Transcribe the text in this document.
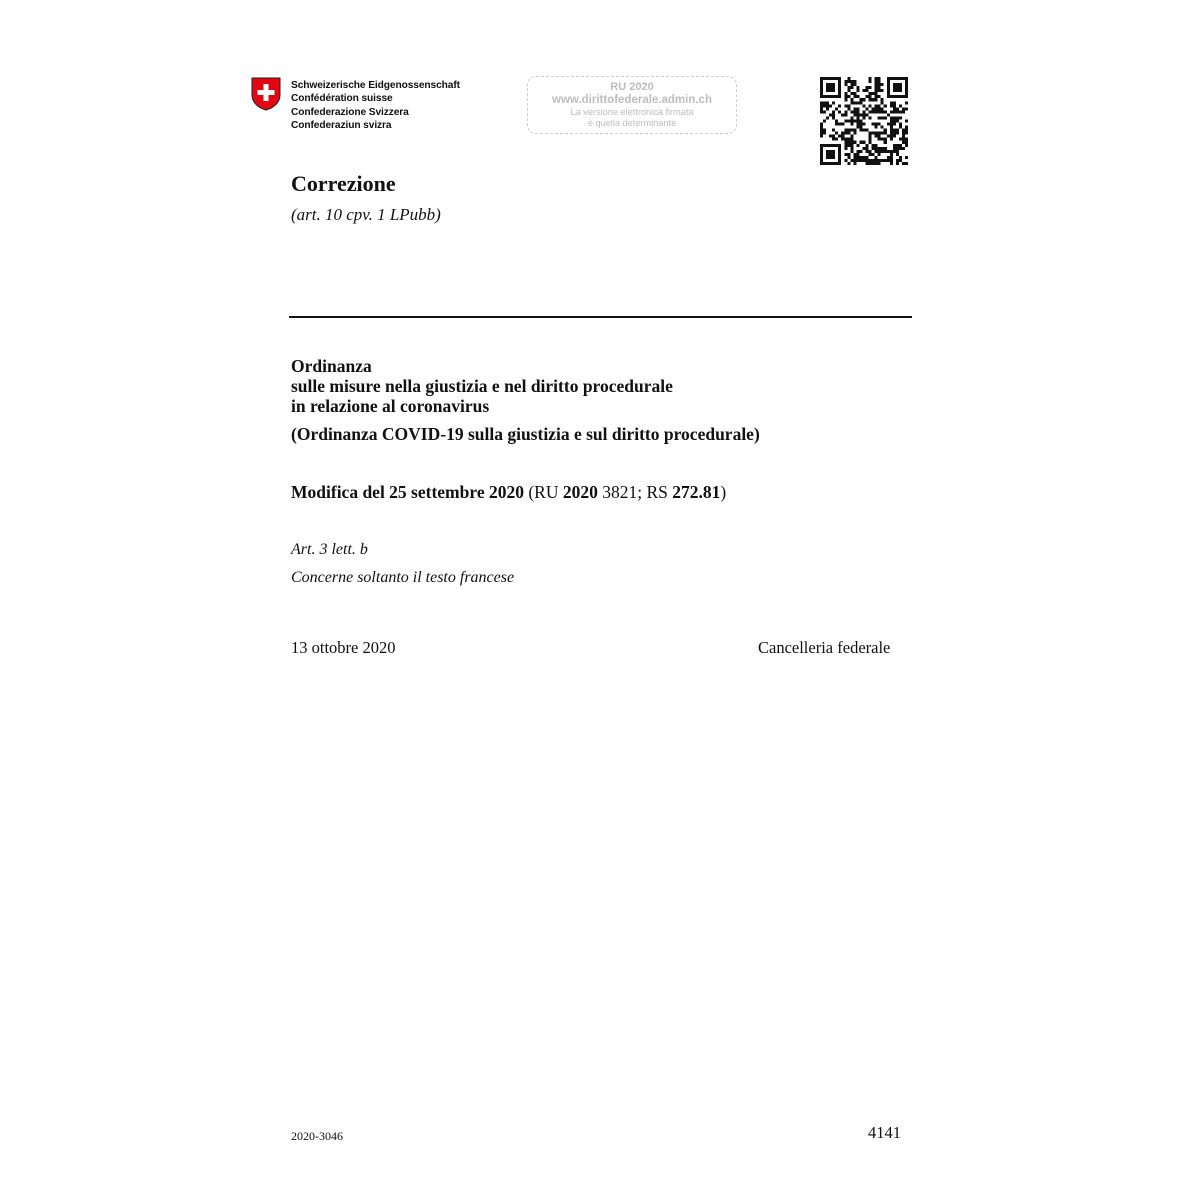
Schweizerische Eidgenossenschaft
Confédération suisse
Confederazione Svizzera
Confederaziun svizra
RU 2020
www.dirittofederale.admin.ch
La versione elettronica firmata
è quella determinante
Correzione
(art. 10 cpv. 1 LPubb)
Ordinanza
sulle misure nella giustizia e nel diritto procedurale
in relazione al coronavirus
(Ordinanza COVID-19 sulla giustizia e sul diritto procedurale)
Modifica del 25 settembre 2020 (RU 2020 3821; RS 272.81)
Art. 3 lett. b
Concerne soltanto il testo francese
13 ottobre 2020	Cancelleria federale
2020-3046	4141
